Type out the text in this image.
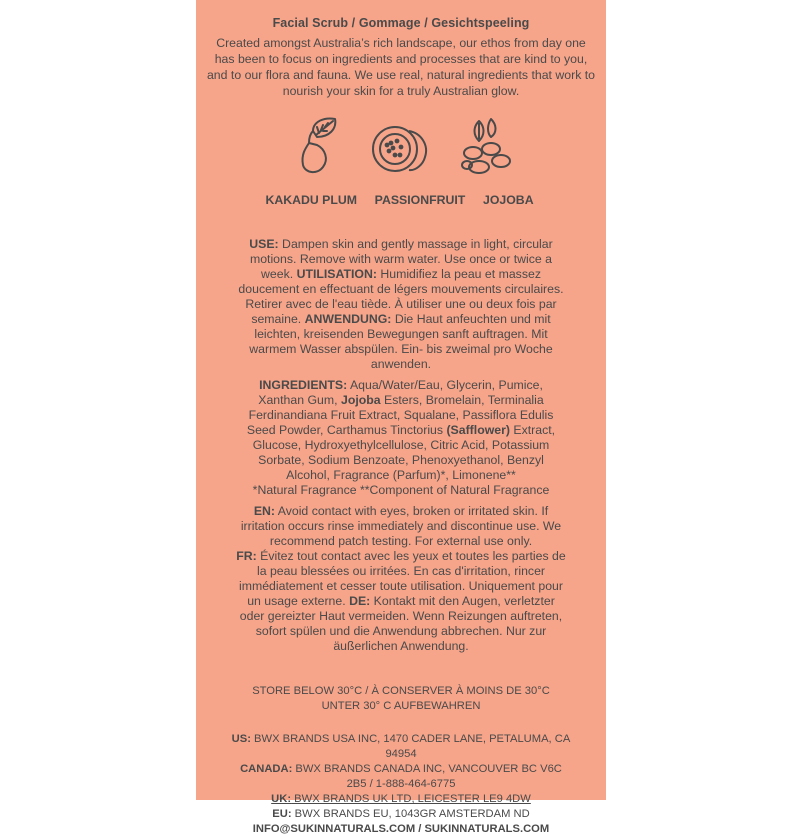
Facial Scrub / Gommage / Gesichtspeeling
Created amongst Australia’s rich landscape, our ethos from day one has been to focus on ingredients and processes that are kind to you, and to our flora and fauna. We use real, natural ingredients that work to nourish your skin for a truly Australian glow.
KAKADU PLUM	PASSIONFRUIT	JOJOBA
USE: Dampen skin and gently massage in light, circular motions. Remove with warm water. Use once or twice a week. UTILISATION: Humidifiez la peau et massez doucement en effectuant de légers mouvements circulaires. Retirer avec de l'eau tiède. À utiliser une ou deux fois par semaine. ANWENDUNG: Die Haut anfeuchten und mit leichten, kreisenden Bewegungen sanft auftragen. Mit warmem Wasser abspülen. Ein- bis zweimal pro Woche anwenden.
INGREDIENTS: Aqua/Water/Eau, Glycerin, Pumice, Xanthan Gum, Jojoba Esters, Bromelain, Terminalia Ferdinandiana Fruit Extract, Squalane, Passiflora Edulis Seed Powder, Carthamus Tinctorius (Safflower) Extract, Glucose, Hydroxyethylcellulose, Citric Acid, Potassium Sorbate, Sodium Benzoate, Phenoxyethanol, Benzyl Alcohol, Fragrance (Parfum)*, Limonene**
*Natural Fragrance **Component of Natural Fragrance
EN: Avoid contact with eyes, broken or irritated skin. If irritation occurs rinse immediately and discontinue use. We recommend patch testing. For external use only.
FR: Évitez tout contact avec les yeux et toutes les parties de la peau blessées ou irritées. En cas d'irritation, rincer immédiatement et cesser toute utilisation. Uniquement pour un usage externe. DE: Kontakt mit den Augen, verletzter oder gereizter Haut vermeiden. Wenn Reizungen auftreten, sofort spülen und die Anwendung abbrechen. Nur zur äußerlichen Anwendung.
STORE BELOW 30°C / À CONSERVER À MOINS DE 30°C
UNTER 30° C AUFBEWAHREN
US: BWX BRANDS USA INC, 1470 CADER LANE, PETALUMA, CA 94954
CANADA: BWX BRANDS CANADA INC, VANCOUVER BC V6C 2B5 / 1-888-464-6775
UK: BWX BRANDS UK LTD, LEICESTER LE9 4DW
EU: BWX BRANDS EU, 1043GR AMSTERDAM ND
INFO@SUKINNATURALS.COM / SUKINNATURALS.COM
